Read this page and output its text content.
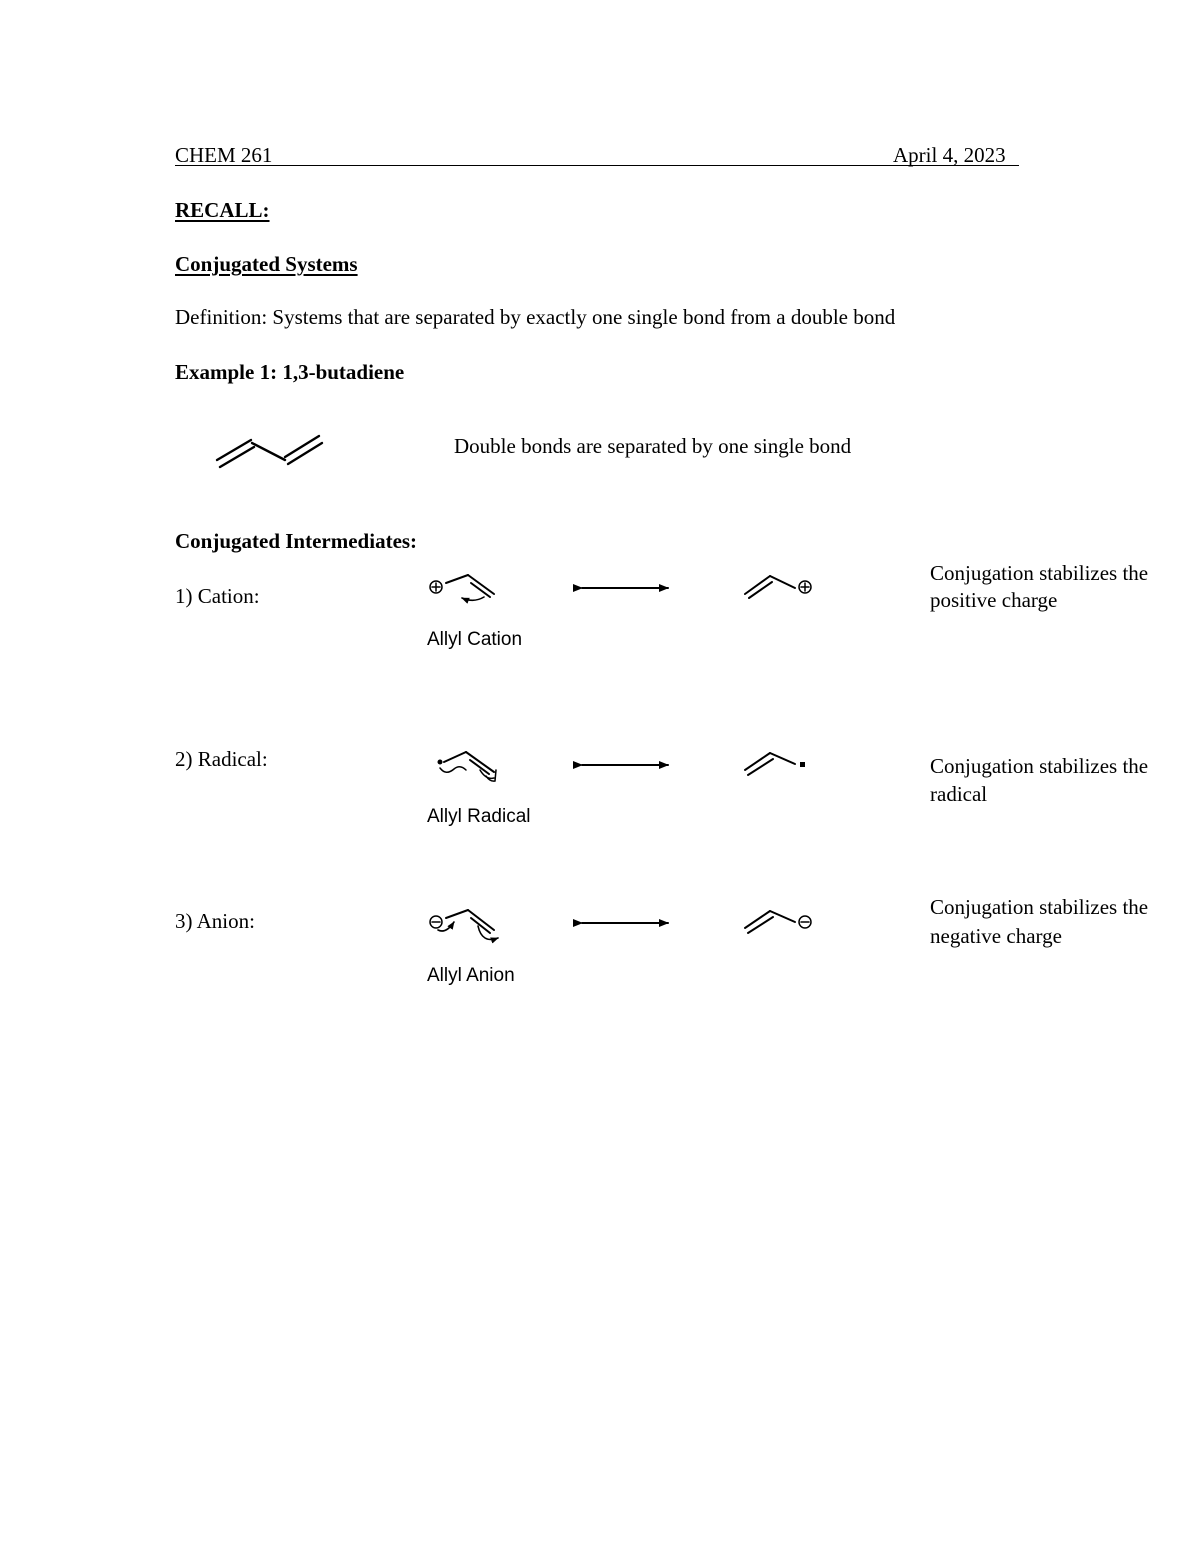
CHEM 261	April 4, 2023
RECALL:
Conjugated Systems
Definition: Systems that are separated by exactly one single bond from a double bond
Example 1: 1,3-butadiene
Double bonds are separated by one single bond
Conjugated Intermediates:
1) Cation:
Allyl Cation
Conjugation stabilizes the
positive charge
2) Radical:
Allyl Radical
Conjugation stabilizes the
radical
3) Anion:
Allyl Anion
Conjugation stabilizes the
negative charge
